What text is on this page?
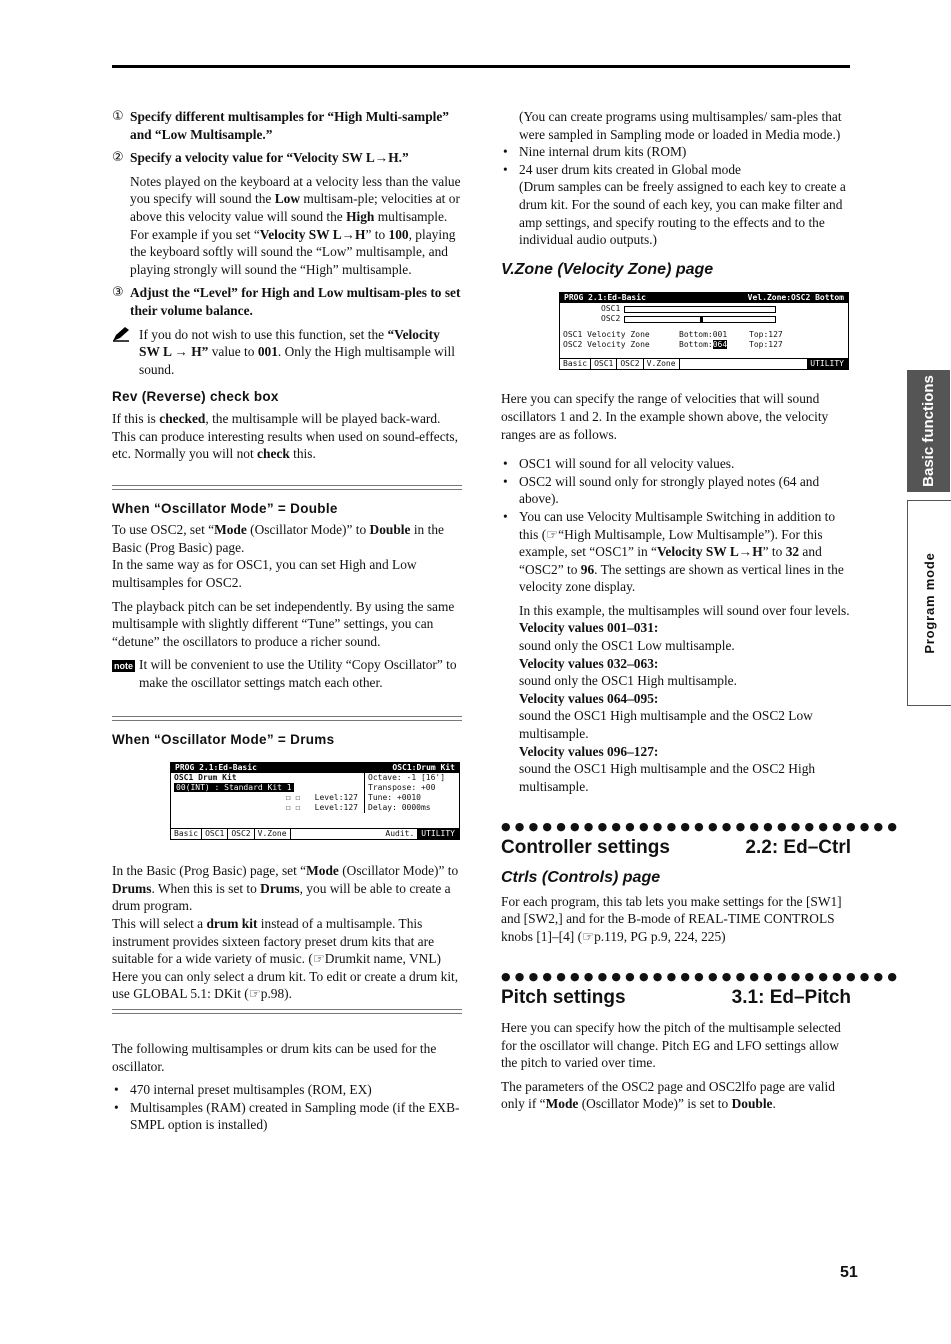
① Specify different multisamples for “High Multi-sample” and “Low Multisample.”
② Specify a velocity value for “Velocity SW L→H.”

Notes played on the keyboard at a velocity less than the value you specify will sound the Low multisam-ple; velocities at or above this velocity value will sound the High multisample.
For example if you set “Velocity SW L→H” to 100, playing the keyboard softly will sound the “Low” multisample, and playing strongly will sound the “High” multisample.

③ Adjust the “Level” for High and Low multisam-ples to set their volume balance.

If you do not wish to use this function, set the “Velocity SW L → H” value to 001. Only the High multisample will sound.

Rev (Reverse) check box

If this is checked, the multisample will be played back-ward. This can produce interesting results when used on sound-effects, etc. Normally you will not check this.

When “Oscillator Mode” = Double

To use OSC2, set “Mode (Oscillator Mode)” to Double in the Basic (Prog Basic) page.

In the same way as for OSC1, you can set High and Low multisamples for OSC2.

The playback pitch can be set independently. By using the same multisample with slightly different “Tune” settings, you can “detune” the oscillators to produce a richer sound.

note It will be convenient to use the Utility “Copy Oscillator” to make the oscillator settings match each other.

When “Oscillator Mode” = Drums
PROG 2.1:Ed-Basic	OSC1:Drum Kit
OSC1 Drum Kit
00(INT) : Standard Kit 1
☐ ☐   Level:127
☐ ☐   Level:127
Octave: -1 [16']
Transpose: +00
Tune: +0010
Delay: 0000ms
Basic OSC1 OSC2 V.Zone	Audit. UTILITY

In the Basic (Prog Basic) page, set “Mode (Oscillator Mode)” to Drums. When this is set to Drums, you will be able to create a drum program.

This will select a drum kit instead of a multisample. This instrument provides sixteen factory preset drum kits that are suitable for a wide variety of music. (☞Drumkit name, VNL)

Here you can only select a drum kit. To edit or create a drum kit, use GLOBAL 5.1: DKit (☞p.98).

The following multisamples or drum kits can be used for the oscillator.

• 470 internal preset multisamples (ROM, EX)
• Multisamples (RAM) created in Sampling mode (if the EXB-SMPL option is installed)

(You can create programs using multisamples/ sam-ples that were sampled in Sampling mode or loaded in Media mode.)

• Nine internal drum kits (ROM)
• 24 user drum kits created in Global mode

(Drum samples can be freely assigned to each key to create a drum kit. For the sound of each key, you can make filter and amp settings, and specify routing to the effects and to the individual audio outputs.)

V.Zone (Velocity Zone) page
PROG 2.1:Ed-Basic	Vel.Zone:OSC2 Bottom
OSC1
OSC2
OSC1 Velocity Zone	Bottom:001	Top:127
OSC2 Velocity Zone	Bottom:064	Top:127
Basic OSC1 OSC2 V.Zone	UTILITY

Here you can specify the range of velocities that will sound oscillators 1 and 2. In the example shown above, the velocity ranges are as follows.

• OSC1 will sound for all velocity values.
• OSC2 will sound only for strongly played notes (64 and above).
• You can use Velocity Multisample Switching in addition to this (☞“High Multisample, Low Multisample”). For this example, set “OSC1” in “Velocity SW L→H” to 32 and “OSC2” to 96. The settings are shown as vertical lines in the velocity zone display.

In this example, the multisamples will sound over four levels.

Velocity values 001–031:
sound only the OSC1 Low multisample.
Velocity values 032–063:
sound only the OSC1 High multisample.
Velocity values 064–095:
sound the OSC1 High multisample and the OSC2 Low multisample.
Velocity values 096–127:
sound the OSC1 High multisample and the OSC2 High multisample.
●●●●●●●●●●●●●●●●●●●●●●●●●●●●●
Controller settings	2.2: Ed–Ctrl
Ctrls (Controls) page

For each program, this tab lets you make settings for the [SW1] and [SW2,] and for the B-mode of REAL-TIME CONTROLS knobs [1]–[4] (☞p.119, PG p.9, 224, 225)

●●●●●●●●●●●●●●●●●●●●●●●●●●●●●
Pitch settings	3.1: Ed–Pitch

Here you can specify how the pitch of the multisample selected for the oscillator will change. Pitch EG and LFO settings allow the pitch to varied over time.

The parameters of the OSC2 page and OSC2lfo page are valid only if “Mode (Oscillator Mode)” is set to Double.

Basic functions
Program mode
51
